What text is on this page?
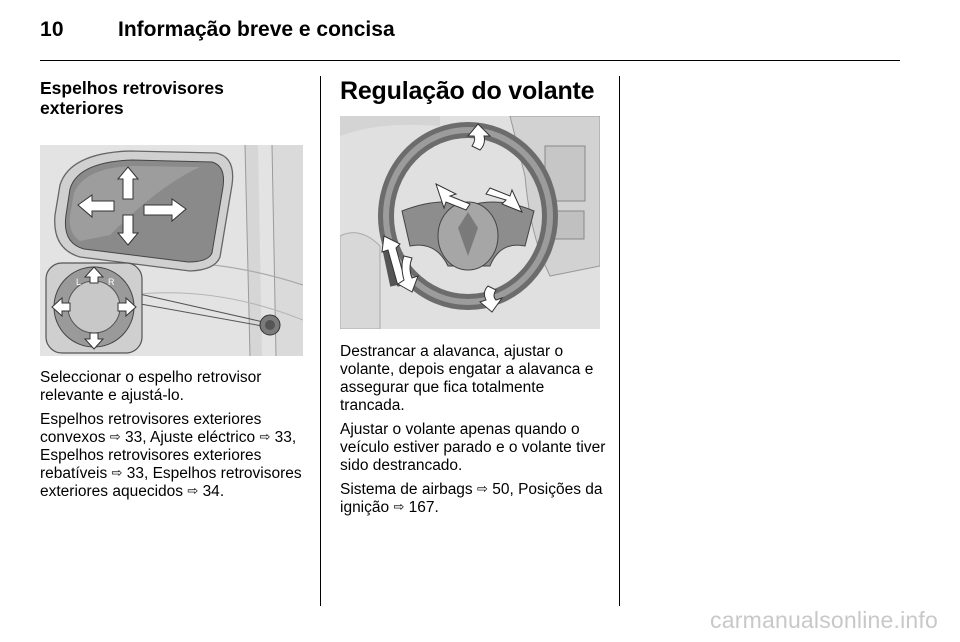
10	Informação breve e concisa
Espelhos retrovisores
exteriores
L	R

Seleccionar o espelho retrovisor relevante e ajustá-lo.

Espelhos retrovisores exteriores convexos ⇨ 33, Ajuste eléctrico ⇨ 33, Espelhos retrovisores exteriores rebatíveis ⇨ 33, Espelhos retrovisores exteriores aquecidos ⇨ 34.

Regulação do volante

Destrancar a alavanca, ajustar o volante, depois engatar a alavanca e assegurar que fica totalmente trancada.

Ajustar o volante apenas quando o veículo estiver parado e o volante tiver sido destrancado.

Sistema de airbags ⇨ 50, Posições da ignição ⇨ 167.

carmanualsonline.info
